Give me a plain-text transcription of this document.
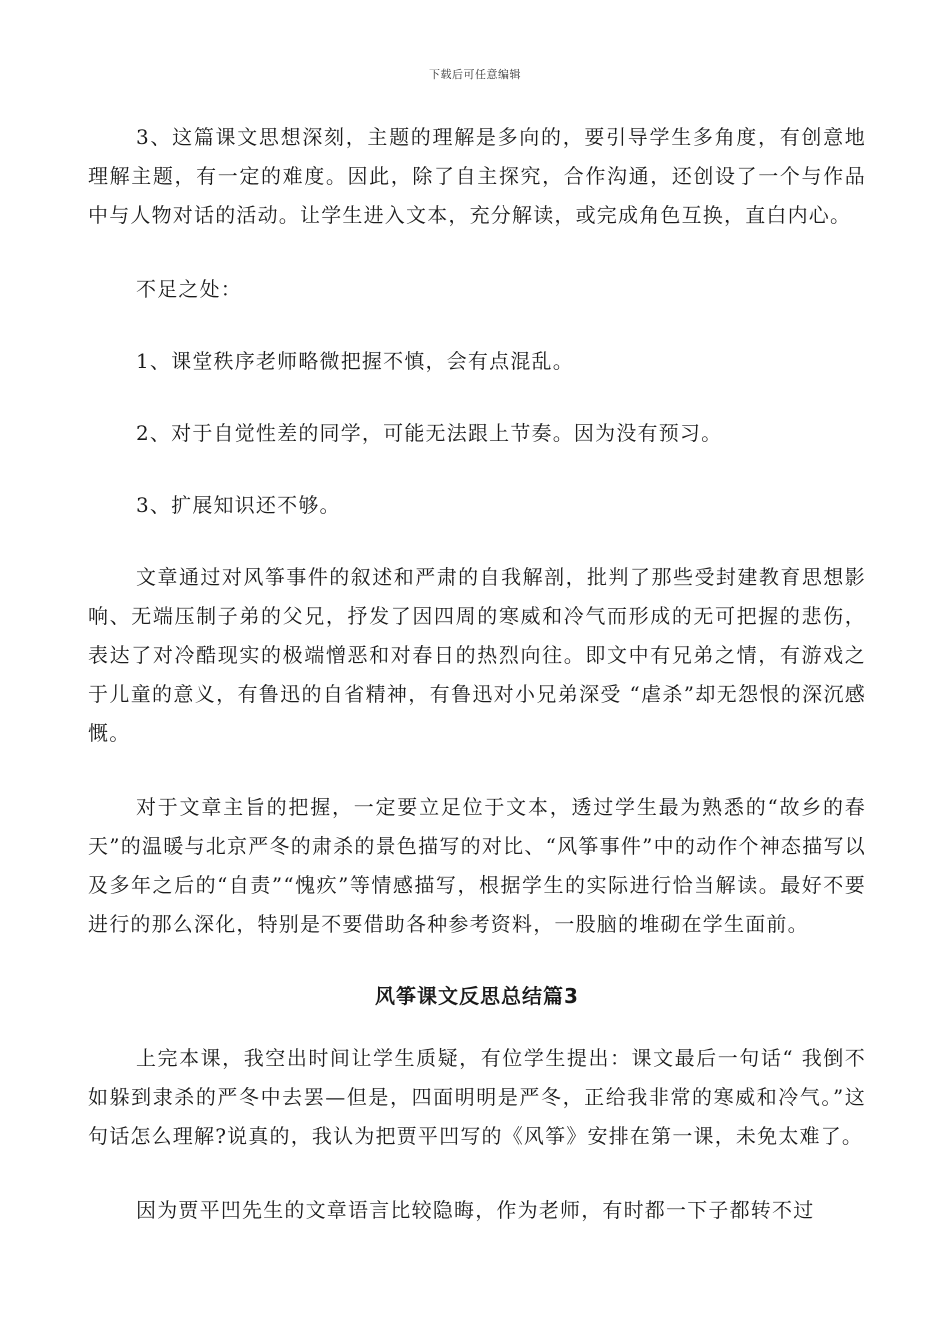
下载后可任意编辑

3、这篇课文思想深刻，主题的理解是多向的，要引导学生多角度，有创意地理解主题，有一定的难度。因此，除了自主探究，合作沟通，还创设了一个与作品中与人物对话的活动。让学生进入文本，充分解读，或完成角色互换，直白内心。

不足之处：

1、课堂秩序老师略微把握不慎，会有点混乱。

2、对于自觉性差的同学，可能无法跟上节奏。因为没有预习。

3、扩展知识还不够。

文章通过对风筝事件的叙述和严肃的自我解剖，批判了那些受封建教育思想影响、无端压制子弟的父兄，抒发了因四周的寒威和冷气而形成的无可把握的悲伤，表达了对冷酷现实的极端憎恶和对春日的热烈向往。即文中有兄弟之情，有游戏之于儿童的意义，有鲁迅的自省精神，有鲁迅对小兄弟深受 “虐杀”却无怨恨的深沉感慨。

对于文章主旨的把握，一定要立足位于文本，透过学生最为熟悉的“故乡的春天”的温暖与北京严冬的肃杀的景色描写的对比、“风筝事件”中的动作个神态描写以及多年之后的“自责”“愧疚”等情感描写，根据学生的实际进行恰当解读。最好不要进行的那么深化，特别是不要借助各种参考资料，一股脑的堆砌在学生面前。

风筝课文反思总结篇3

上完本课，我空出时间让学生质疑，有位学生提出：课文最后一句话“ 我倒不如躲到隶杀的严冬中去罢—但是，四面明明是严冬，正给我非常的寒威和冷气。”这句话怎么理解?说真的，我认为把贾平凹写的《风筝》安排在第一课，未免太难了。

因为贾平凹先生的文章语言比较隐晦，作为老师，有时都一下子都转不过
